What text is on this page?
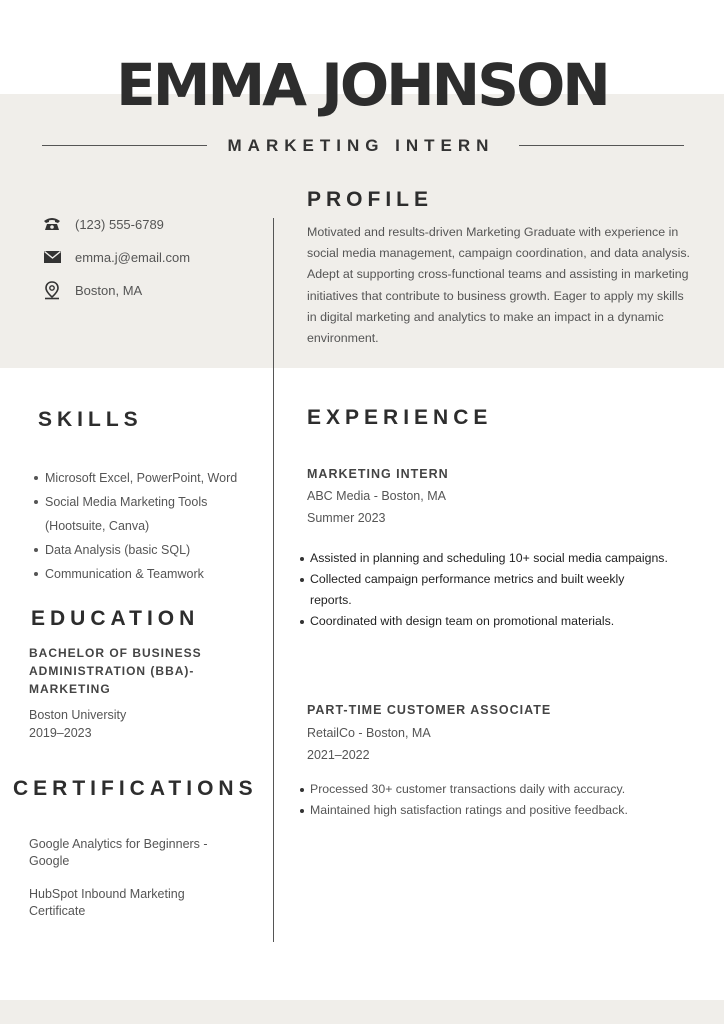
EMMA JOHNSON
MARKETING INTERN
(123) 555-6789
emma.j@email.com
Boston, MA
PROFILE
Motivated and results-driven Marketing Graduate with experience in social media management, campaign coordination, and data analysis. Adept at supporting cross-functional teams and assisting in marketing initiatives that contribute to business growth. Eager to apply my skills in digital marketing and analytics to make an impact in a dynamic environment.
SKILLS
Microsoft Excel, PowerPoint, Word
Social Media Marketing Tools (Hootsuite, Canva)
Data Analysis (basic SQL)
Communication & Teamwork
EDUCATION
BACHELOR OF BUSINESS ADMINISTRATION (BBA)-MARKETING
Boston University
2019–2023
CERTIFICATIONS
Google Analytics for Beginners - Google
HubSpot Inbound Marketing Certificate
EXPERIENCE
MARKETING INTERN
ABC Media - Boston, MA
Summer 2023
Assisted in planning and scheduling 10+ social media campaigns.
Collected campaign performance metrics and built weekly reports.
Coordinated with design team on promotional materials.
PART-TIME CUSTOMER ASSOCIATE
RetailCo - Boston, MA
2021–2022
Processed 30+ customer transactions daily with accuracy.
Maintained high satisfaction ratings and positive feedback.
